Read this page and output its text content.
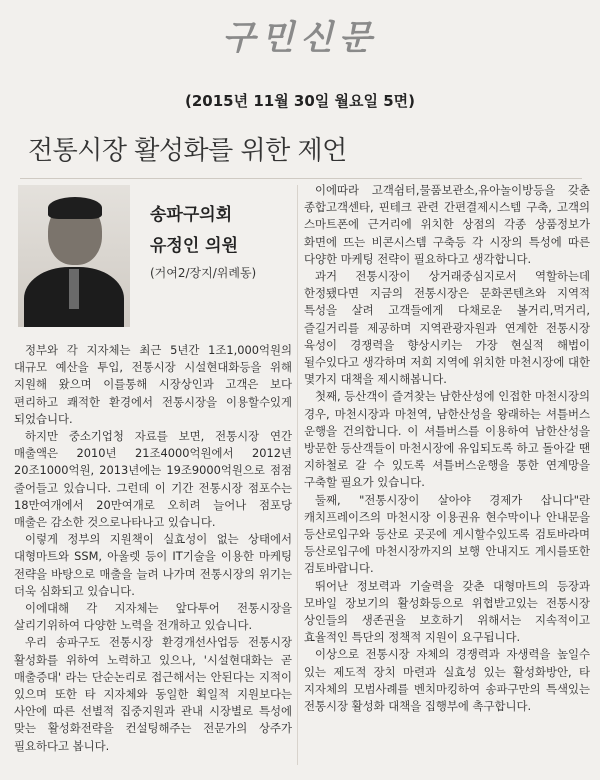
구민신문
(2015년 11월 30일 월요일 5면)
전통시장 활성화를 위한 제언
송파구의회
유정인 의원
(거여2/장지/위례동)

정부와 각 지자체는 최근 5년간 1조1,000억원의 대규모 예산을 투입, 전통시장 시설현대화등을 위해 지원해 왔으며 이를통해 시장상인과 고객은 보다 편리하고 쾌적한 환경에서 전통시장을 이용할수있게 되었습니다.

하지만 중소기업청 자료를 보면, 전통시장 연간 매출액은 2010년 21조4000억원에서 2012년 20조1000억원, 2013년에는 19조9000억원으로 점점 줄어들고 있습니다. 그런데 이 기간 전통시장 점포수는 18만여개에서 20만여개로 오히려 늘어나 점포당 매출은 감소한 것으로나타나고 있습니다.

이렇게 정부의 지원책이 실효성이 없는 상태에서 대형마트와 SSM, 아울렛 등이 IT기술을 이용한 마케팅 전략을 바탕으로 매출을 늘려 나가며 전통시장의 위기는 더욱 심화되고 있습니다.

이에대해 각 지자체는 앞다투어 전통시장을 살리기위하여 다양한 노력을 전개하고 있습니다.

우리 송파구도 전통시장 환경개선사업등 전통시장 활성화를 위하여 노력하고 있으나, '시설현대화는 곧 매출증대' 라는 단순논리로 접근해서는 안된다는 지적이 있으며 또한 타 지자체와 동일한 획일적 지원보다는 사안에 따른 선별적 집중지원과 관내 시장별로 특성에 맞는 활성화전략을 컨설팅해주는 전문가의 상주가 필요하다고 봅니다.

이에따라 고객쉼터,물품보관소,유아놀이방등을 갖춘 종합고객센타, 핀테크 관련 간편결제시스템 구축, 고객의 스마트폰에 근거리에 위치한 상점의 각종 상품정보가 화면에 뜨는 비콘시스템 구축등 각 시장의 특성에 따른 다양한 마케팅 전략이 필요하다고 생각합니다.

과거 전통시장이 상거래중심지로서 역할하는데 한정됐다면 지금의 전통시장은 문화콘텐츠와 지역적 특성을 살려 고객들에게 다채로운 볼거리,먹거리,즐길거리를 제공하며 지역관광자원과 연계한 전통시장 육성이 경쟁력을 향상시키는 가장 현실적 해법이 될수있다고 생각하며 저희 지역에 위치한 마천시장에 대한 몇가지 대책을 제시해봅니다.

첫째, 등산객이 즐겨찾는 남한산성에 인접한 마천시장의 경우, 마천시장과 마천역, 남한산성을 왕래하는 셔틀버스 운행을 건의합니다. 이 셔틀버스를 이용하여 남한산성을 방문한 등산객들이 마천시장에 유입되도록 하고 돌아갈 땐 지하철로 갈 수 있도록 셔틀버스운행을 통한 연계망을 구축할 필요가 있습니다.

둘째, "전통시장이 살아야 경제가 삽니다"란 캐치프레이즈의 마천시장 이용권유 현수막이나 안내문을 등산로입구와 등산로 곳곳에 게시할수있도록 검토바라며 등산로입구에 마천시장까지의 보행 안내지도 게시를또한 검토바랍니다.

뛰어난 정보력과 기술력을 갖춘 대형마트의 등장과 모바일 장보기의 활성화등으로 위협받고있는 전통시장 상인들의 생존권을 보호하기 위해서는 지속적이고 효율적인 특단의 정책적 지원이 요구됩니다.

이상으로 전통시장 자체의 경쟁력과 자생력을 높일수 있는 제도적 장치 마련과 실효성 있는 활성화방안, 타 지자체의 모범사례를 벤치마킹하여 송파구만의 특색있는 전통시장 활성화 대책을 집행부에 촉구합니다.
